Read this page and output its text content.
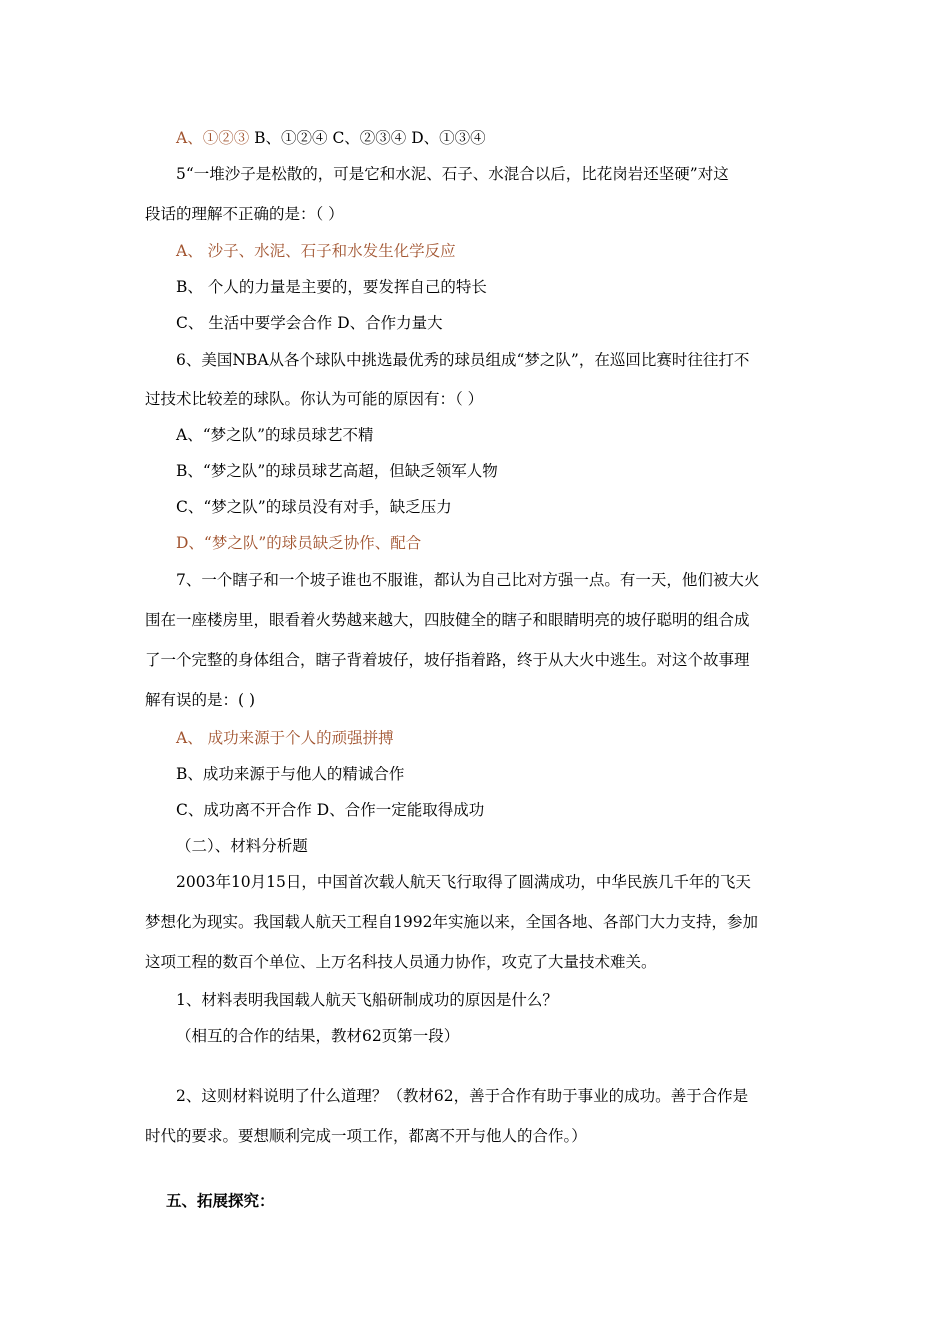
A、①②③ B、①②④ C、②③④ D、①③④
5“一堆沙子是松散的，可是它和水泥、石子、水混合以后，比花岗岩还坚硬”对这
段话的理解不正确的是：（ ）
A、 沙子、水泥、石子和水发生化学反应
B、 个人的力量是主要的，要发挥自己的特长
C、 生活中要学会合作 D、合作力量大
6、美国NBA从各个球队中挑选最优秀的球员组成“梦之队”，在巡回比赛时往往打不
过技术比较差的球队。你认为可能的原因有：（ ）
A、“梦之队”的球员球艺不精
B、“梦之队”的球员球艺高超，但缺乏领军人物
C、“梦之队”的球员没有对手，缺乏压力
D、“梦之队”的球员缺乏协作、配合
7、一个瞎子和一个坡子谁也不服谁，都认为自己比对方强一点。有一天，他们被大火
围在一座楼房里，眼看着火势越来越大，四肢健全的瞎子和眼睛明亮的坡仔聪明的组合成
了一个完整的身体组合，瞎子背着坡仔，坡仔指着路，终于从大火中逃生。对这个故事理
解有误的是：( )
A、 成功来源于个人的顽强拼搏
B、成功来源于与他人的精诚合作
C、成功离不开合作 D、合作一定能取得成功
（二）、材料分析题
2003年10月15日，中国首次载人航天飞行取得了圆满成功，中华民族几千年的飞天
梦想化为现实。我国载人航天工程自1992年实施以来，全国各地、各部门大力支持，参加
这项工程的数百个单位、上万名科技人员通力协作，攻克了大量技术难关。
1、材料表明我国载人航天飞船研制成功的原因是什么？
（相互的合作的结果，教材62页第一段）
2、这则材料说明了什么道理？（教材62，善于合作有助于事业的成功。善于合作是
时代的要求。要想顺利完成一项工作，都离不开与他人的合作。）
五、拓展探究：
